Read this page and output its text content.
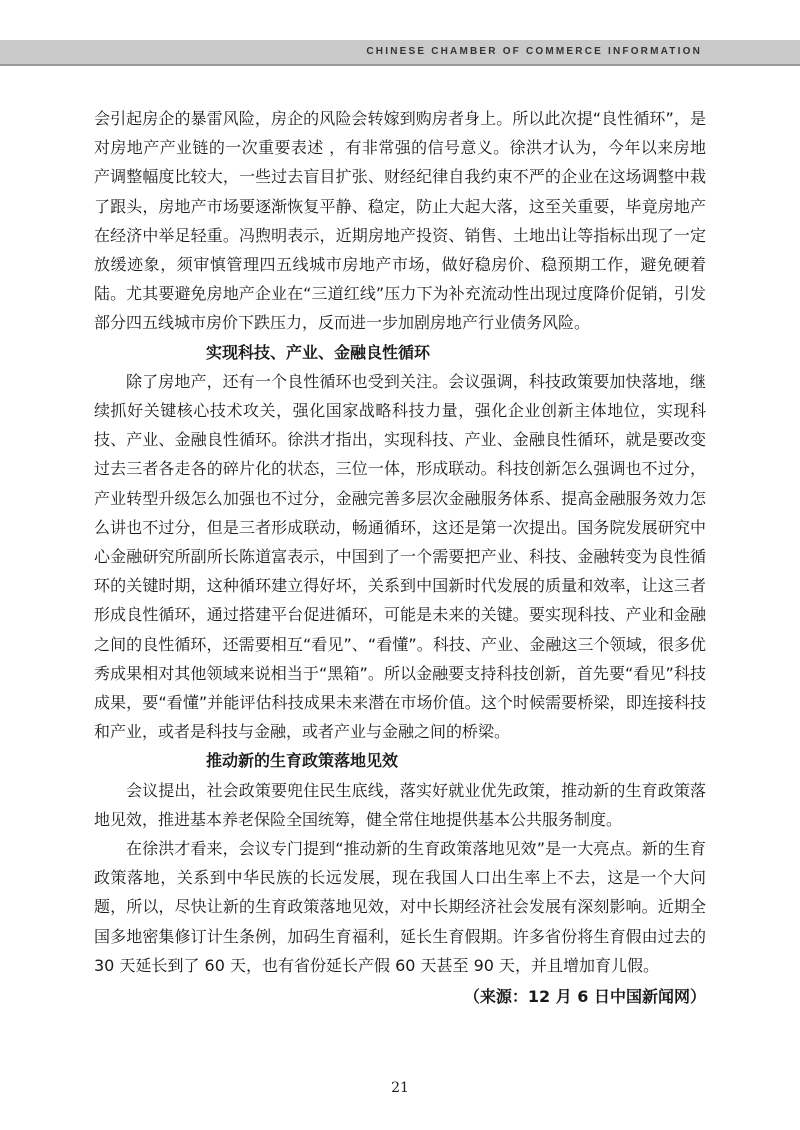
CHINESE CHAMBER OF COMMERCE INFORMATION

会引起房企的暴雷风险，房企的风险会转嫁到购房者身上。所以此次提“良性循环”，是对房地产产业链的一次重要表述 ，有非常强的信号意义。徐洪才认为，今年以来房地产调整幅度比较大，一些过去盲目扩张、财经纪律自我约束不严的企业在这场调整中栽了跟头，房地产市场要逐渐恢复平静、稳定，防止大起大落，这至关重要，毕竟房地产在经济中举足轻重。冯煦明表示，近期房地产投资、销售、土地出让等指标出现了一定放缓迹象，须审慎管理四五线城市房地产市场，做好稳房价、稳预期工作，避免硬着陆。尤其要避免房地产企业在“三道红线”压力下为补充流动性出现过度降价促销，引发部分四五线城市房价下跌压力，反而进一步加剧房地产行业债务风险。

实现科技、产业、金融良性循环

除了房地产，还有一个良性循环也受到关注。会议强调，科技政策要加快落地，继续抓好关键核心技术攻关，强化国家战略科技力量，强化企业创新主体地位，实现科技、产业、金融良性循环。徐洪才指出，实现科技、产业、金融良性循环，就是要改变过去三者各走各的碎片化的状态，三位一体，形成联动。科技创新怎么强调也不过分，产业转型升级怎么加强也不过分，金融完善多层次金融服务体系、提高金融服务效力怎么讲也不过分，但是三者形成联动，畅通循环，这还是第一次提出。国务院发展研究中心金融研究所副所长陈道富表示，中国到了一个需要把产业、科技、金融转变为良性循环的关键时期，这种循环建立得好坏，关系到中国新时代发展的质量和效率，让这三者形成良性循环，通过搭建平台促进循环，可能是未来的关键。要实现科技、产业和金融之间的良性循环，还需要相互“看见”、“看懂”。科技、产业、金融这三个领域，很多优秀成果相对其他领域来说相当于“黑箱”。所以金融要支持科技创新，首先要“看见”科技成果，要“看懂”并能评估科技成果未来潜在市场价值。这个时候需要桥梁，即连接科技和产业，或者是科技与金融，或者产业与金融之间的桥梁。

推动新的生育政策落地见效

会议提出，社会政策要兜住民生底线，落实好就业优先政策，推动新的生育政策落地见效，推进基本养老保险全国统筹，健全常住地提供基本公共服务制度。

在徐洪才看来，会议专门提到“推动新的生育政策落地见效”是一大亮点。新的生育政策落地，关系到中华民族的长远发展，现在我国人口出生率上不去，这是一个大问题，所以，尽快让新的生育政策落地见效，对中长期经济社会发展有深刻影响。近期全国多地密集修订计生条例，加码生育福利，延长生育假期。许多省份将生育假由过去的 30 天延长到了 60 天，也有省份延长产假 60 天甚至 90 天，并且增加育儿假。

（来源：12 月 6 日中国新闻网）

21
